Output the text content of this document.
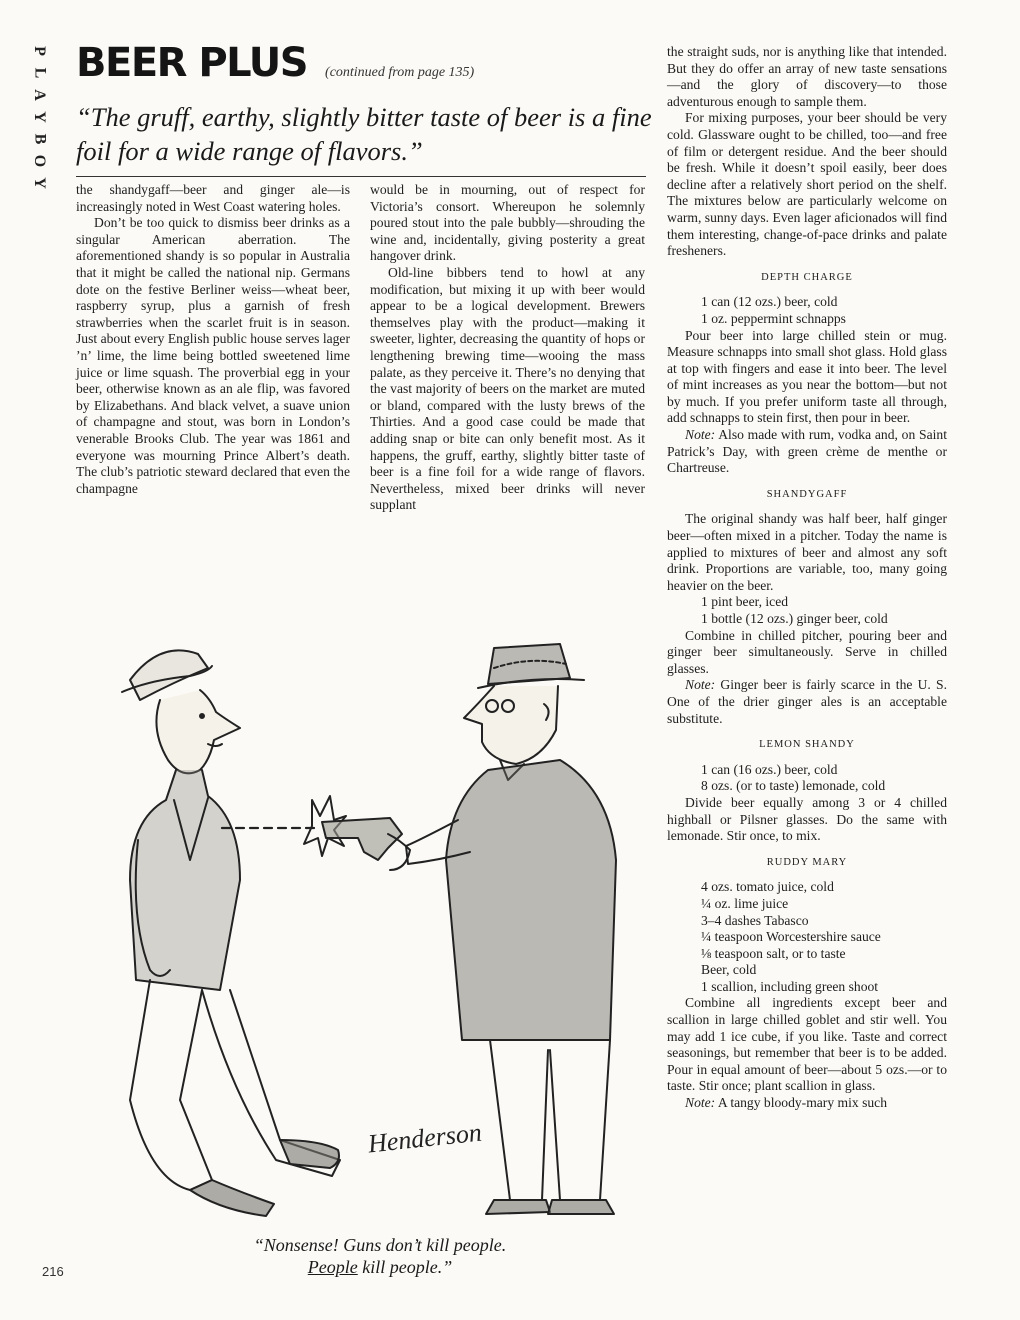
P
L
A
Y
B
O
Y
BEER PLUS (continued from page 135)
“The gruff, earthy, slightly bitter taste of beer is a fine foil for a wide range of flavors.”

the shandygaff—beer and ginger ale—is increasingly noted in West Coast watering holes.

Don’t be too quick to dismiss beer drinks as a singular American aberration. The aforementioned shandy is so popular in Australia that it might be called the national nip. Germans dote on the festive Berliner weiss—wheat beer, raspberry syrup, plus a garnish of fresh strawberries when the scarlet fruit is in season. Just about every English public house serves lager ’n’ lime, the lime being bottled sweetened lime juice or lime squash. The proverbial egg in your beer, otherwise known as an ale flip, was favored by Elizabethans. And black velvet, a suave union of champagne and stout, was born in London’s venerable Brooks Club. The year was 1861 and everyone was mourning Prince Albert’s death. The club’s patriotic steward declared that even the champagne

would be in mourning, out of respect for Victoria’s consort. Whereupon he solemnly poured stout into the pale bubbly—shrouding the wine and, incidentally, giving posterity a great hangover drink.

Old-line bibbers tend to howl at any modification, but mixing it up with beer would appear to be a logical development. Brewers themselves play with the product—making it sweeter, lighter, decreasing the quantity of hops or lengthening brewing time—wooing the mass palate, as they perceive it. There’s no denying that the vast majority of beers on the market are muted or bland, compared with the lusty brews of the Thirties. And a good case could be made that adding snap or bite can only benefit most. As it happens, the gruff, earthy, slightly bitter taste of beer is a fine foil for a wide range of flavors. Nevertheless, mixed beer drinks will never supplant

the straight suds, nor is anything like that intended. But they do offer an array of new taste sensations—and the glory of discovery—to those adventurous enough to sample them.

For mixing purposes, your beer should be very cold. Glassware ought to be chilled, too—and free of film or detergent residue. And the beer should be fresh. While it doesn’t spoil easily, beer does decline after a relatively short period on the shelf. The mixtures below are particularly welcome on warm, sunny days. Even lager aficionados will find them interesting, change-of-pace drinks and palate fresheners.

DEPTH CHARGE

1 can (12 ozs.) beer, cold

1 oz. peppermint schnapps

Pour beer into large chilled stein or mug. Measure schnapps into small shot glass. Hold glass at top with fingers and ease it into beer. The level of mint increases as you near the bottom—but not by much. If you prefer uniform taste all through, add schnapps to stein first, then pour in beer.

Note: Also made with rum, vodka and, on Saint Patrick’s Day, with green crème de menthe or Chartreuse.

SHANDYGAFF

The original shandy was half beer, half ginger beer—often mixed in a pitcher. Today the name is applied to mixtures of beer and almost any soft drink. Proportions are variable, too, many going heavier on the beer.

1 pint beer, iced

1 bottle (12 ozs.) ginger beer, cold

Combine in chilled pitcher, pouring beer and ginger beer simultaneously. Serve in chilled glasses.

Note: Ginger beer is fairly scarce in the U. S. One of the drier ginger ales is an acceptable substitute.

LEMON SHANDY

1 can (16 ozs.) beer, cold

8 ozs. (or to taste) lemonade, cold

Divide beer equally among 3 or 4 chilled highball or Pilsner glasses. Do the same with lemonade. Stir once, to mix.

RUDDY MARY

4 ozs. tomato juice, cold

¼ oz. lime juice

3–4 dashes Tabasco

¼ teaspoon Worcestershire sauce

⅛ teaspoon salt, or to taste

Beer, cold

1 scallion, including green shoot

Combine all ingredients except beer and scallion in large chilled goblet and stir well. You may add 1 ice cube, if you like. Taste and correct seasonings, but remember that beer is to be added. Pour in equal amount of beer—about 5 ozs.—or to taste. Stir once; plant scallion in glass.

Note: A tangy bloody-mary mix such

Henderson
“Nonsense! Guns don’t kill people.
People kill people.”
216
